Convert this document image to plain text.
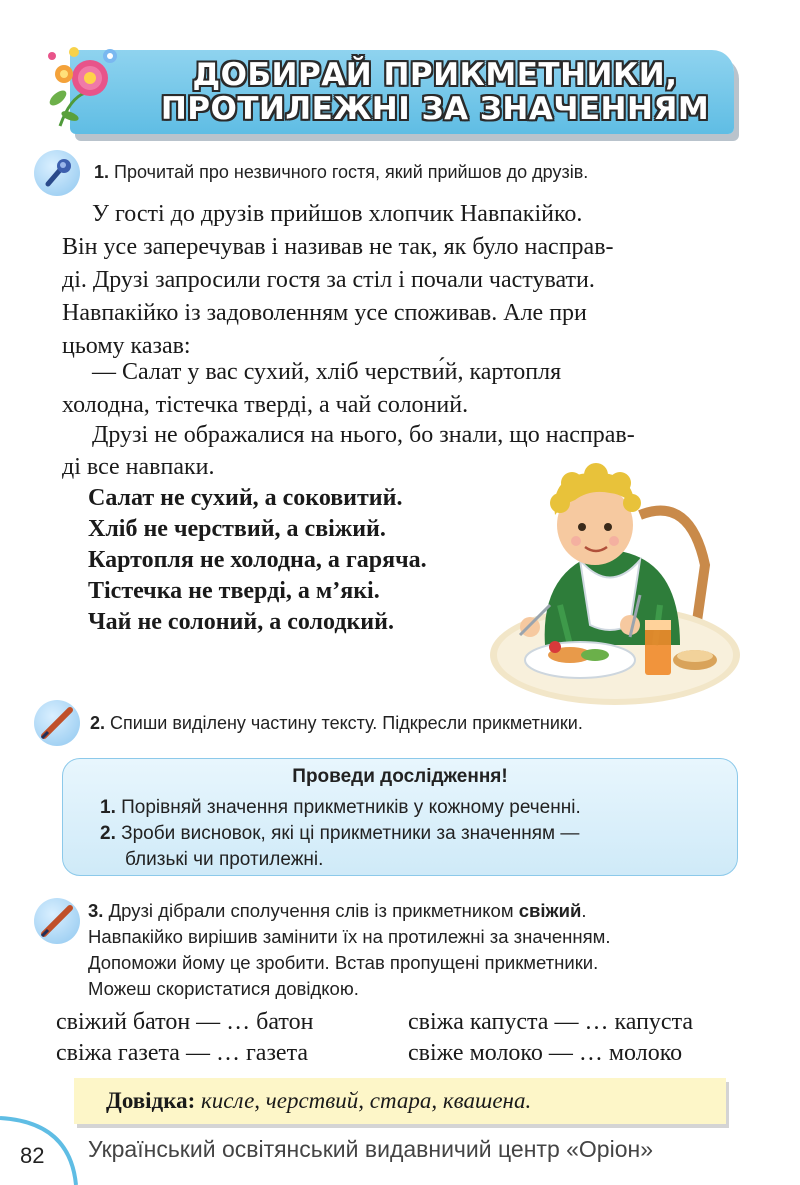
ДОБИРАЙ ПРИКМЕТНИКИ,
ПРОТИЛЕЖНІ ЗА ЗНАЧЕННЯМ
1. Прочитай про незвичного гостя, який прийшов до друзів.
У гості до друзів прийшов хлопчик Навпакійко.
Він усе заперечував і називав не так, як було насправ-
ді. Друзі запросили гостя за стіл і почали частувати.
Навпакійко із задоволенням усе споживав. Але при
цьому казав:
— Салат у вас сухий, хліб черстви́й, картопля
холодна, тістечка тверді, а чай солоний.
Друзі не ображалися на нього, бо знали, що насправ-
ді все навпаки.
Салат не сухий, а соковитий.
Хліб не черствий, а свіжий.
Картопля не холодна, а гаряча.
Тістечка не тверді, а м’які.
Чай не солоний, а солодкий.
2. Спиши виділену частину тексту. Підкресли прикметники.
Проведи дослідження!
1. Порівняй значення прикметників у кожному реченні.
2. Зроби висновок, які ці прикметники за значенням —
близькі чи протилежні.
3. Друзі дібрали сполучення слів із прикметником свіжий.
Навпакійко вирішив замінити їх на протилежні за значенням.
Допоможи йому це зробити. Встав пропущені прикметники.
Можеш скористатися довідкою.
свіжий батон — … батон	свіжа капуста — … капуста
свіжа газета — … газета	свіже молоко — … молоко
Довідка: кисле, черствий, стара, квашена.
82 Український освітянський видавничий центр «Оріон»
